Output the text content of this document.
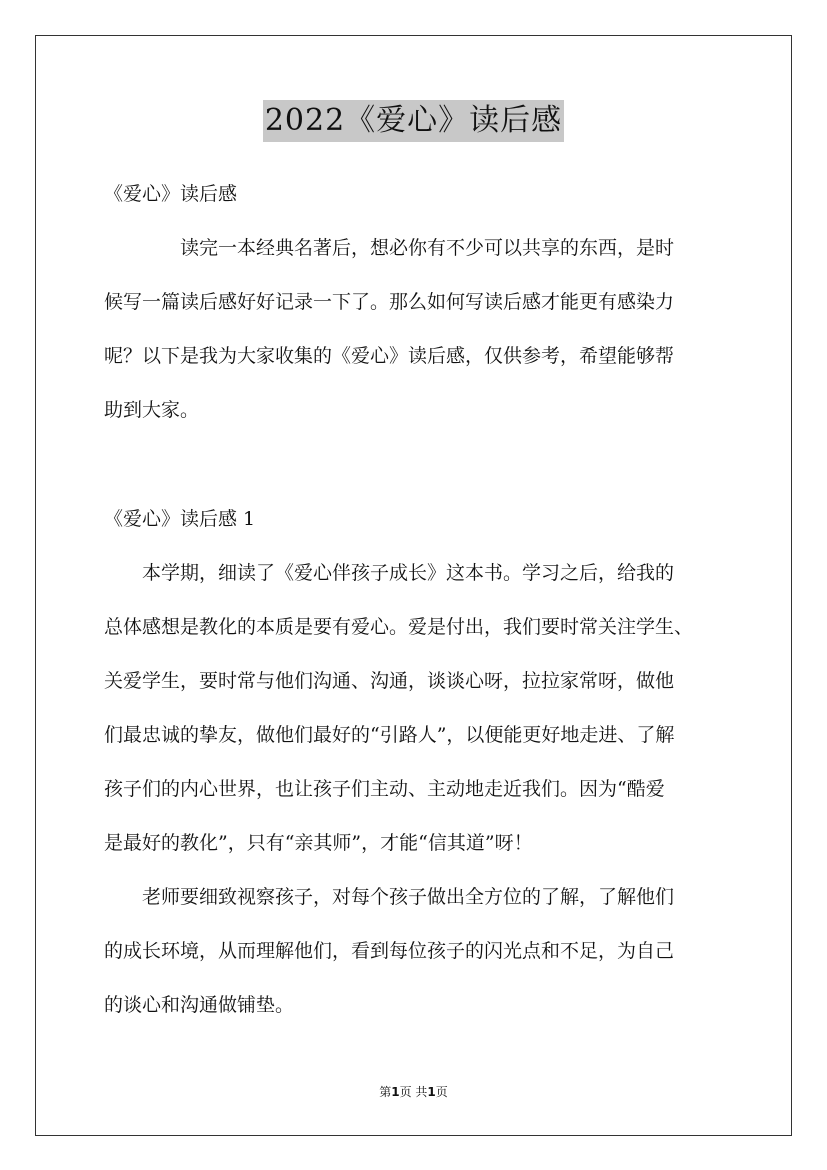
2022《爱心》读后感
《爱心》读后感
读完一本经典名著后，想必你有不少可以共享的东西，是时
候写一篇读后感好好记录一下了。那么如何写读后感才能更有感染力
呢？以下是我为大家收集的《爱心》读后感，仅供参考，希望能够帮
助到大家。
《爱心》读后感 1
本学期，细读了《爱心伴孩子成长》这本书。学习之后，给我的
总体感想是教化的本质是要有爱心。爱是付出，我们要时常关注学生、
关爱学生，要时常与他们沟通、沟通，谈谈心呀，拉拉家常呀，做他
们最忠诚的挚友，做他们最好的“引路人”，以便能更好地走进、了解
孩子们的内心世界，也让孩子们主动、主动地走近我们。因为“酷爱
是最好的教化”，只有“亲其师”，才能“信其道”呀！
老师要细致视察孩子，对每个孩子做出全方位的了解，了解他们
的成长环境，从而理解他们，看到每位孩子的闪光点和不足，为自己
的谈心和沟通做铺垫。
第1页 共1页
